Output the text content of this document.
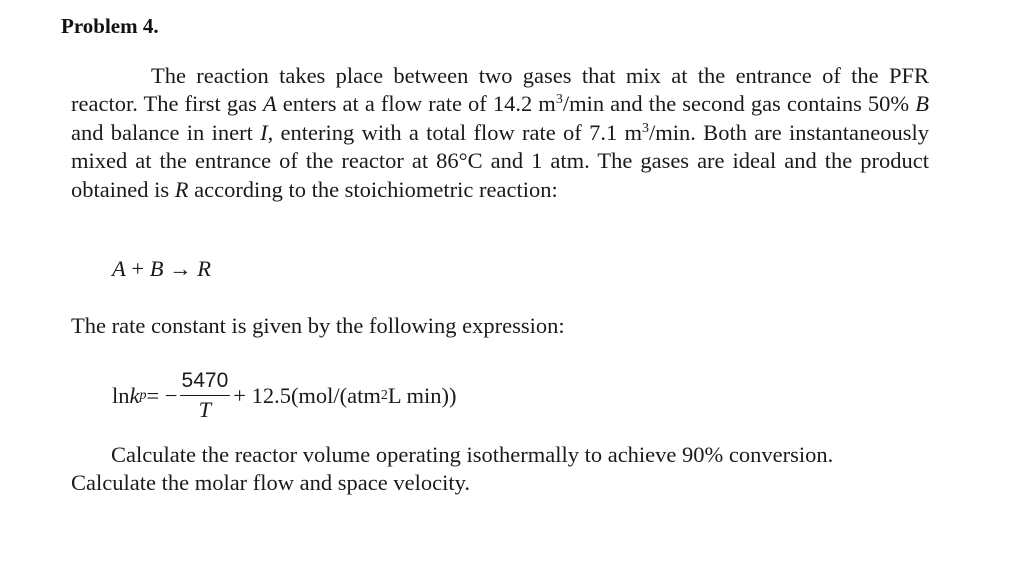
Problem 4.
The reaction takes place between two gases that mix at the entrance of the PFR reactor. The first gas A enters at a flow rate of 14.2 $m^3/\min$ and the second gas contains 50% B and balance in inert I, entering with a total flow rate of 7.1 $m^3/\min$. Both are instantaneously mixed at the entrance of the reactor at 86°C and 1 atm. The gases are ideal and the product obtained is R according to the stoichiometric reaction:
A + B → R
The rate constant is given by the following expression:
ln k p = − $\frac{5470}{T} + 12.5(mol/(atm$ 2 L min))
Calculate the reactor volume operating isothermally to achieve 90% conversion.
Calculate the molar flow and space velocity.
